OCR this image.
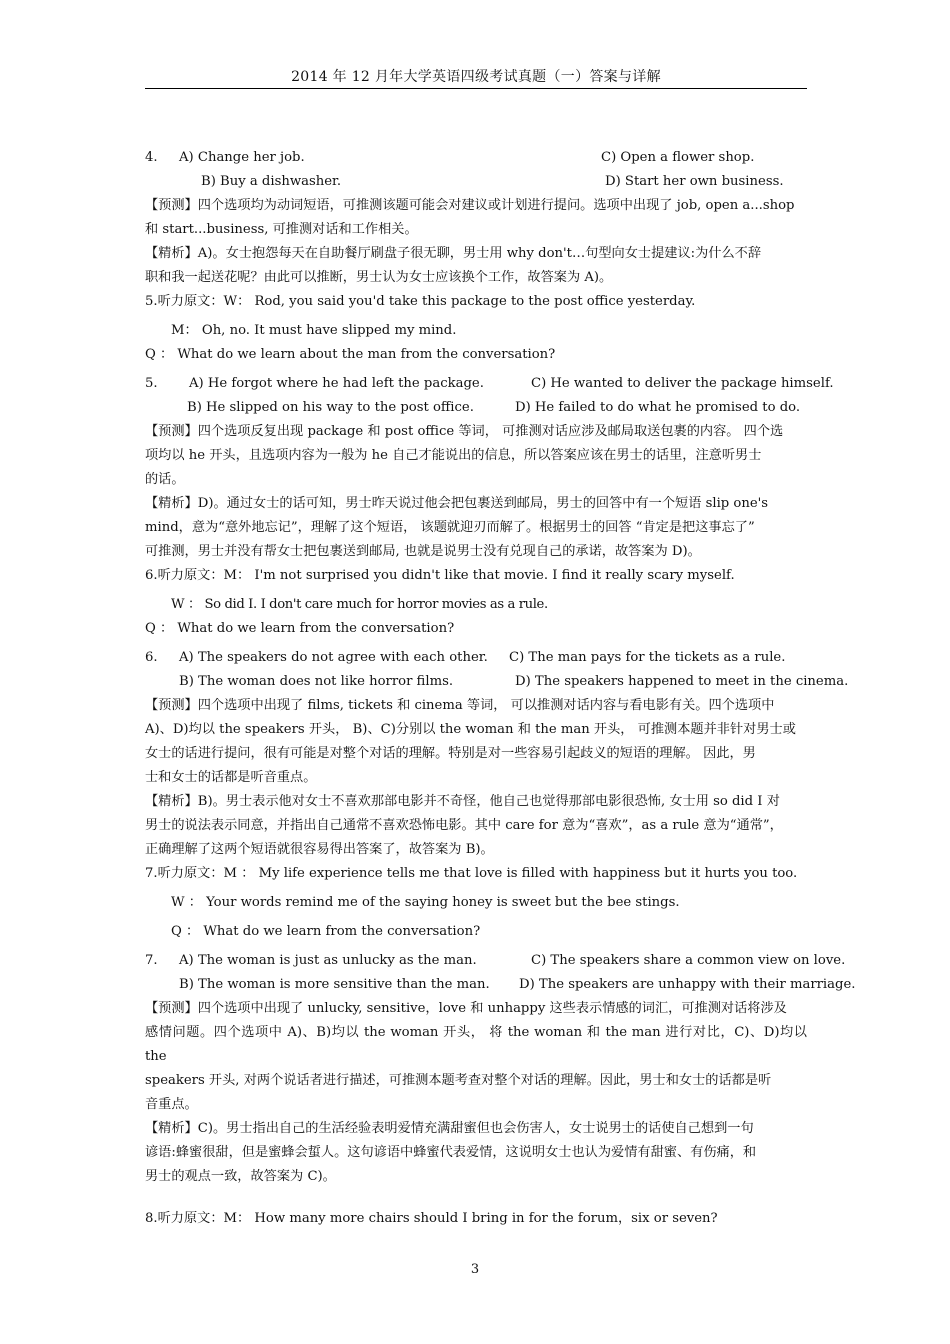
2014 年 12 月年大学英语四级考试真题（一）答案与详解
4. A) Change her job.	C) Open a flower shop.
B) Buy a dishwasher.	D) Start her own business.
【预测】四个选项均为动词短语，可推测该题可能会对建议或计划进行提问。选项中出现了 job, open a...shop
和 start...business, 可推测对话和工作相关。
【精析】A)。女士抱怨每天在自助餐厅刷盘子很无聊，男士用 why don't…句型向女士提建议:为什么不辞
职和我一起送花呢？由此可以推断，男士认为女士应该换个工作，故答案为 A)。
5.听力原文：W： Rod, you said you'd take this package to the post office yesterday.
M： Oh, no. It must have slipped my mind.
Q ： What do we learn about the man from the conversation?
5. A) He forgot where he had left the package.	C) He wanted to deliver the package himself.
B) He slipped on his way to the post office.	D) He failed to do what he promised to do.
【预测】四个选项反复出现 package 和 post office 等词， 可推测对话应涉及邮局取送包裹的内容。 四个选
项均以 he 开头，且选项内容为一般为 he 自己才能说出的信息，所以答案应该在男士的话里，注意听男士
的话。
【精析】D)。通过女士的话可知，男士昨天说过他会把包裹送到邮局，男士的回答中有一个短语 slip one's
mind，意为“意外地忘记”，理解了这个短语， 该题就迎刃而解了。根据男士的回答 “肯定是把这事忘了”
可推测，男士并没有帮女士把包裹送到邮局, 也就是说男士没有兑现自己的承诺，故答案为 D)。
6.听力原文：M： I'm not surprised you didn't like that movie. I find it really scary myself.
W ： So did I. I don't care much for horror movies as a rule.
Q ： What do we learn from the conversation?
6. A) The speakers do not agree with each other. C) The man pays for the tickets as a rule.
B) The woman does not like horror films.	D) The speakers happened to meet in the cinema.
【预测】四个选项中出现了 films, tickets 和 cinema 等词， 可以推测对话内容与看电影有关。四个选项中
A)、D)均以 the speakers 开头， B)、C)分别以 the woman 和 the man 开头， 可推测本题并非针对男士或
女士的话进行提问，很有可能是对整个对话的理解。特别是对一些容易引起歧义的短语的理解。 因此，男
士和女士的话都是听音重点。
【精析】B)。男士表示他对女士不喜欢那部电影并不奇怪，他自己也觉得那部电影很恐怖, 女士用 so did I 对
男士的说法表示同意，并指出自己通常不喜欢恐怖电影。其中 care for 意为“喜欢”，as a rule 意为“通常”，
正确理解了这两个短语就很容易得出答案了，故答案为 B)。
7.听力原文：M ： My life experience tells me that love is filled with happiness but it hurts you too.
W ： Your words remind me of the saying honey is sweet but the bee stings.
Q ： What do we learn from the conversation?
7. A) The woman is just as unlucky as the man.	C) The speakers share a common view on love.
B) The woman is more sensitive than the man. D) The speakers are unhappy with their marriage.
【预测】四个选项中出现了 unlucky, sensitive，love 和 unhappy 这些表示情感的词汇，可推测对话将涉及
感情问题。四个选项中 A)、B)均以 the woman 开头， 将 the woman 和 the man 进行对比，C)、D)均以 the
speakers 开头, 对两个说话者进行描述，可推测本题考查对整个对话的理解。因此，男士和女士的话都是听
音重点。
【精析】C)。男士指出自己的生活经验表明爱情充满甜蜜但也会伤害人，女士说男士的话使自己想到一句
谚语:蜂蜜很甜，但是蜜蜂会蜇人。这句谚语中蜂蜜代表爱情，这说明女士也认为爱情有甜蜜、有伤痛，和
男士的观点一致，故答案为 C)。
8.听力原文：M： How many more chairs should I bring in for the forum，six or seven?
3
